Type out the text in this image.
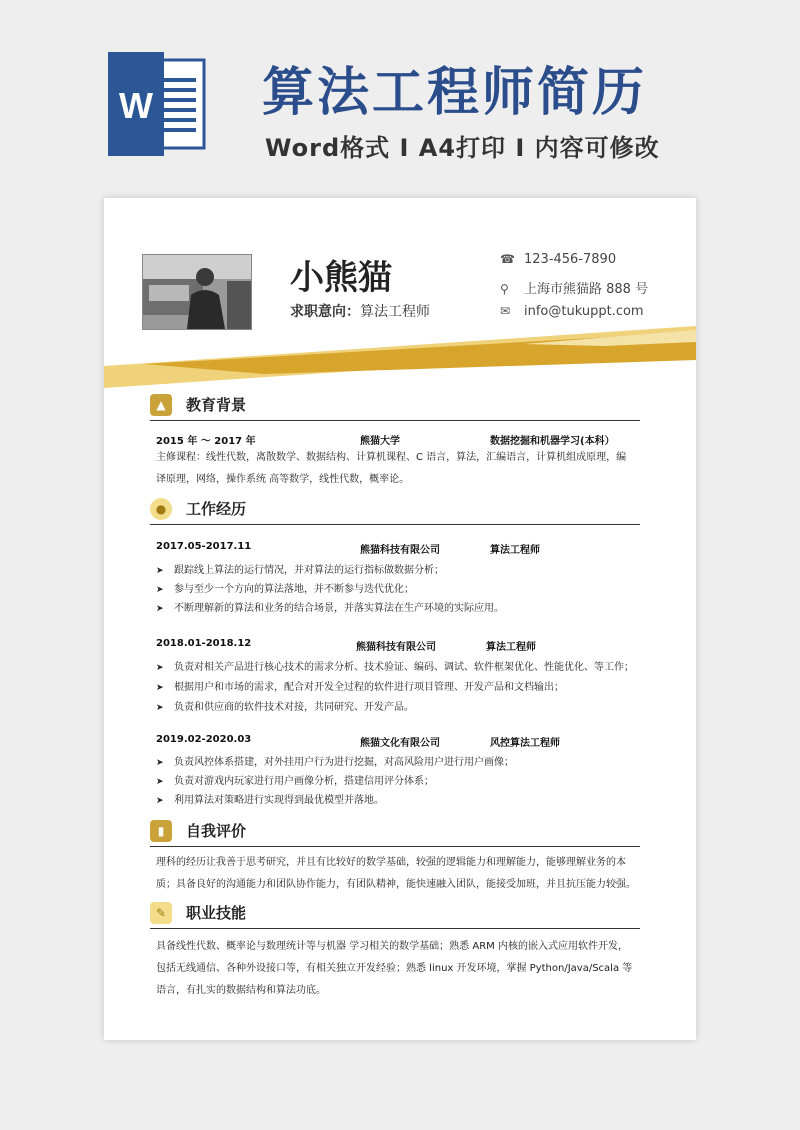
W 算法工程师简历
Word格式 I A4打印 I 内容可修改
小熊猫
求职意向：算法工程师
☎ 123-456-7890
⚲ 上海市熊猫路 888 号
✉ info@tukuppt.com
▲	教育背景
2015 年 ～ 2017 年	熊猫大学	数据挖掘和机器学习(本科）
主修课程：线性代数，离散数学、数据结构、计算机课程、C 语言，算法，汇编语言，计算机组成原理，编译原理，网络，操作系统 高等数学，线性代数，概率论。
●	工作经历
2017.05-2017.11	熊猫科技有限公司	算法工程师
➤ 跟踪线上算法的运行情况，并对算法的运行指标做数据分析；
➤ 参与至少一个方向的算法落地，并不断参与迭代优化；
➤ 不断理解新的算法和业务的结合场景，并落实算法在生产环境的实际应用。
2018.01-2018.12	熊猫科技有限公司	算法工程师
➤ 负责对相关产品进行核心技术的需求分析、技术验证、编码、调试、软件框架优化、性能优化、等工作；
➤ 根据用户和市场的需求，配合对开发全过程的软件进行项目管理、开发产品和文档输出；
➤ 负责和供应商的软件技术对接，共同研究、开发产品。
2019.02-2020.03	熊猫文化有限公司	风控算法工程师
➤ 负责风控体系搭建，对外挂用户行为进行挖掘，对高风险用户进行用户画像；
➤ 负责对游戏内玩家进行用户画像分析，搭建信用评分体系；
➤ 利用算法对策略进行实现得到最优模型并落地。
▮	自我评价
理科的经历让我善于思考研究，并且有比较好的数学基础，较强的逻辑能力和理解能力，能够理解业务的本质；具备良好的沟通能力和团队协作能力，有团队精神，能快速融入团队，能接受加班，并且抗压能力较强。
✎	职业技能
具备线性代数、概率论与数理统计等与机器 学习相关的数学基础；熟悉 ARM 内核的嵌入式应用软件开发，包括无线通信、各种外设接口等，有相关独立开发经验；熟悉 linux 开发环境，掌握 Python/Java/Scala 等语言，有扎实的数据结构和算法功底。
